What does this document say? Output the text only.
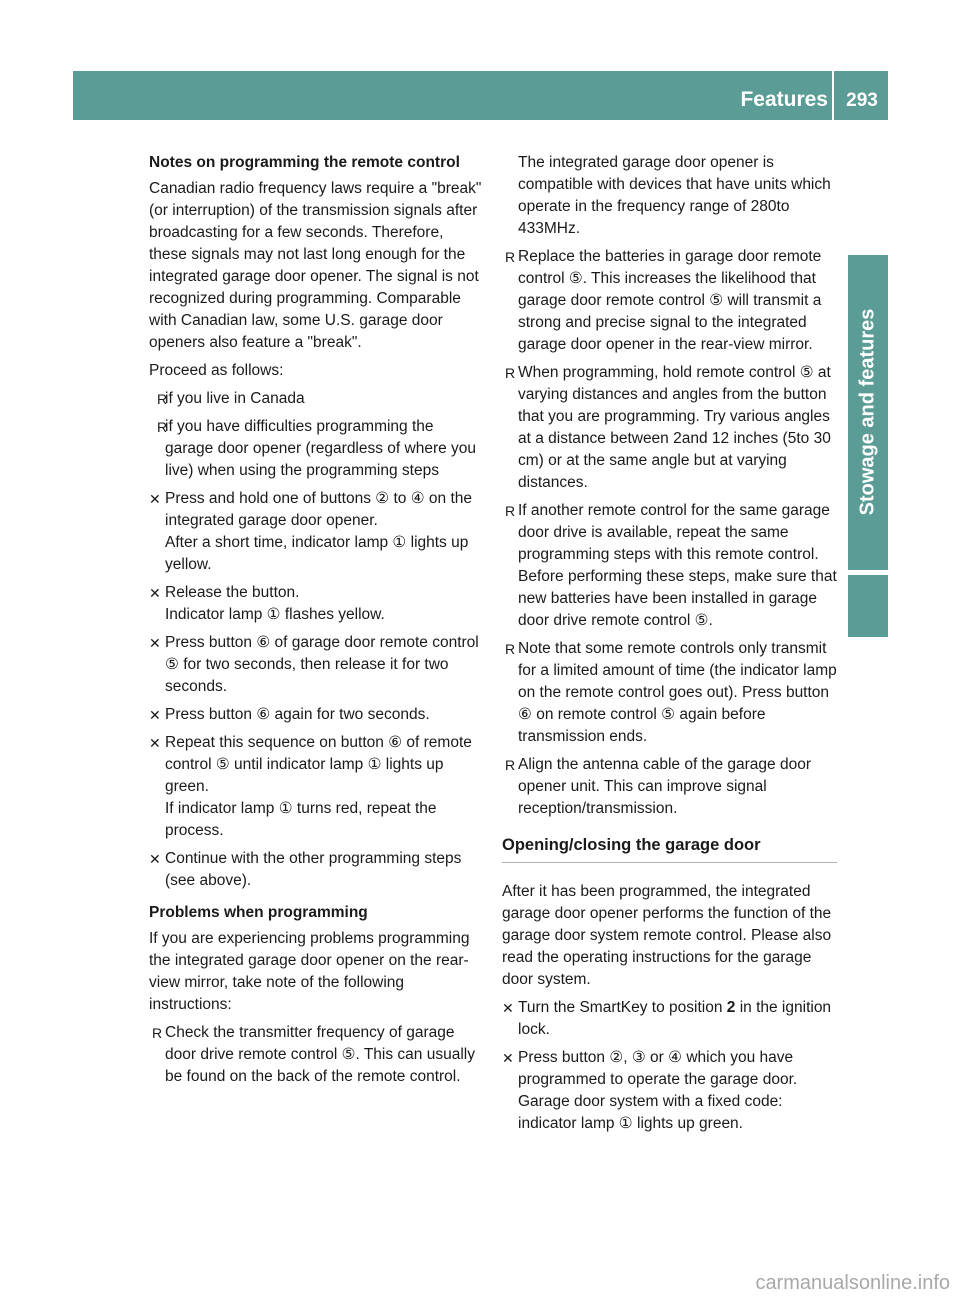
Features 293
Stowage and features

Notes on programming the remote control

Canadian radio frequency laws require a "break" (or interruption) of the transmission signals after broadcasting for a few seconds. Therefore, these signals may not last long enough for the integrated garage door opener. The signal is not recognized during programming. Comparable with Canadian law, some U.S. garage door openers also feature a "break".

Proceed as follows:

R
if you live in Canada
R
if you have difficulties programming the garage door opener (regardless of where you live) when using the programming steps
✕ Press and hold one of buttons ② to ④ on the integrated garage door opener.
After a short time, indicator lamp ① lights up yellow.
✕ Release the button.
Indicator lamp ① flashes yellow.
✕ Press button ⑥ of garage door remote control ⑤ for two seconds, then release it for two seconds.
✕ Press button ⑥ again for two seconds.
✕ Repeat this sequence on button ⑥ of remote control ⑤ until indicator lamp ① lights up green.
If indicator lamp ① turns red, repeat the process.
✕ Continue with the other programming steps (see above).

Problems when programming

If you are experiencing problems programming the integrated garage door opener on the rear-view mirror, take note of the following instructions:

R Check the transmitter frequency of garage door drive remote control ⑤. This can usually be found on the back of the remote control.

The integrated garage door opener is compatible with devices that have units which operate in the frequency range of 280to 433MHz.

R Replace the batteries in garage door remote control ⑤. This increases the likelihood that garage door remote control ⑤ will transmit a strong and precise signal to the integrated garage door opener in the rear-view mirror.
R When programming, hold remote control ⑤ at varying distances and angles from the button that you are programming. Try various angles at a distance between 2and 12 inches (5to 30 cm) or at the same angle but at varying distances.
R If another remote control for the same garage door drive is available, repeat the same programming steps with this remote control. Before performing these steps, make sure that new batteries have been installed in garage door drive remote control ⑤.
R Note that some remote controls only transmit for a limited amount of time (the indicator lamp on the remote control goes out). Press button ⑥ on remote control ⑤ again before transmission ends.
R Align the antenna cable of the garage door opener unit. This can improve signal reception/transmission.
Opening/closing the garage door

After it has been programmed, the integrated garage door opener performs the function of the garage door system remote control. Please also read the operating instructions for the garage door system.

✕ Turn the SmartKey to position 2 in the ignition lock.
✕ Press button ②, ③ or ④ which you have programmed to operate the garage door.
Garage door system with a fixed code: indicator lamp ① lights up green.
carmanualsonline.info
